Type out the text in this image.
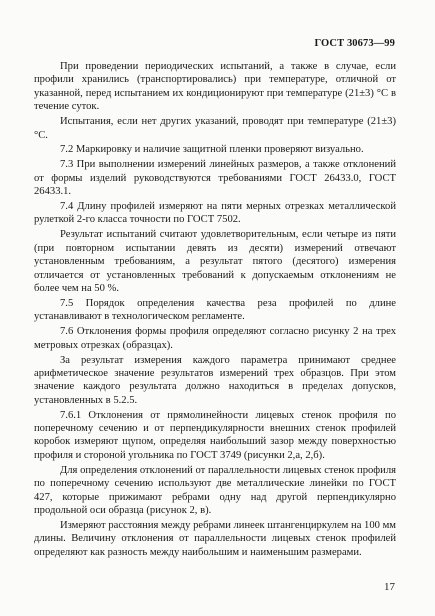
ГОСТ 30673—99

При проведении периодических испытаний, а также в случае, если профили хранились (транспортировались) при температуре, отличной от указанной, перед испытанием их кондиционируют при температуре (21±3) °С в течение суток.

Испытания, если нет других указаний, проводят при температуре (21±3) °С.

7.2 Маркировку и наличие защитной пленки проверяют визуально.

7.3 При выполнении измерений линейных размеров, а также отклонений от формы изделий руководствуются требованиями ГОСТ 26433.0, ГОСТ 26433.1.

7.4 Длину профилей измеряют на пяти мерных отрезках металлической рулеткой 2-го класса точности по ГОСТ 7502.

Результат испытаний считают удовлетворительным, если четыре из пяти (при повторном испытании девять из десяти) измерений отвечают установленным требованиям, а результат пятого (десятого) измерения отличается от установленных требований к допускаемым отклонениям не более чем на 50 %.

7.5 Порядок определения качества реза профилей по длине устанавливают в технологическом регламенте.

7.6 Отклонения формы профиля определяют согласно рисунку 2 на трех метровых отрезках (образцах).

За результат измерения каждого параметра принимают среднее арифметическое значение результатов измерений трех образцов. При этом значение каждого результата должно находиться в пределах допусков, установленных в 5.2.5.

7.6.1 Отклонения от прямолинейности лицевых стенок профиля по поперечному сечению и от перпендикулярности внешних стенок профилей коробок измеряют щупом, определяя наибольший зазор между поверхностью профиля и стороной угольника по ГОСТ 3749 (рисунки 2,а, 2,б).

Для определения отклонений от параллельности лицевых стенок профиля по поперечному сечению используют две металлические линейки по ГОСТ 427, которые прижимают ребрами одну над другой перпендикулярно продольной оси образца (рисунок 2, в).

Измеряют расстояния между ребрами линеек штангенциркулем на 100 мм длины. Величину отклонения от параллельности лицевых стенок профилей определяют как разность между наибольшим и наименьшим размерами.

17
